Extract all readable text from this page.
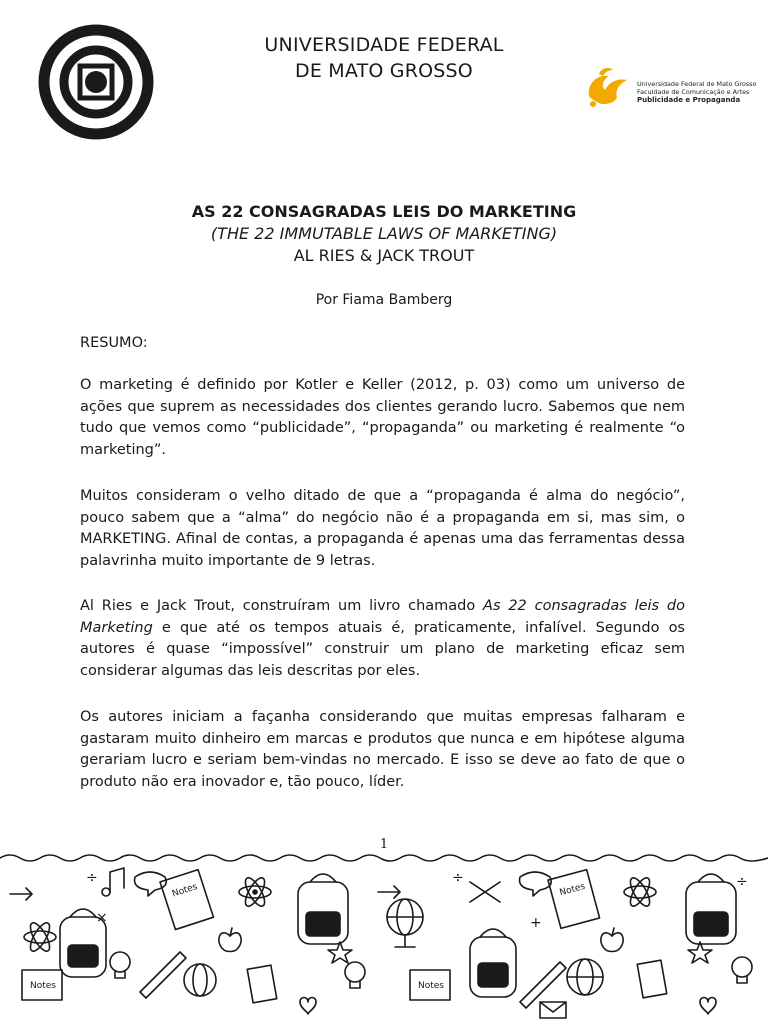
UNIVERSIDADE FEDERAL
DE MATO GROSSO
Universidade Federal de Mato Grosso
Faculdade de Comunicação e Artes
Publicidade e Propaganda
AS 22 CONSAGRADAS LEIS DO MARKETING
(THE 22 IMMUTABLE LAWS OF MARKETING)
AL RIES & JACK TROUT
Por Fiama Bamberg
RESUMO:

O marketing é definido por Kotler e Keller (2012, p. 03) como um universo de ações que suprem as necessidades dos clientes gerando lucro. Sabemos que nem tudo que vemos como “publicidade”, “propaganda” ou marketing é realmente “o marketing”.

Muitos consideram o velho ditado de que a “propaganda é alma do negócio”, pouco sabem que a “alma” do negócio não é a propaganda em si, mas sim, o MARKETING. Afinal de contas, a propaganda é apenas uma das ferramentas dessa palavrinha muito importante de 9 letras.

Al Ries e Jack Trout, construíram um livro chamado As 22 consagradas leis do Marketing e que até os tempos atuais é, praticamente, infalível. Segundo os autores é quase “impossível” construir um plano de marketing eficaz sem considerar algumas das leis descritas por eles.

Os autores iniciam a façanha considerando que muitas empresas falharam e gastaram muito dinheiro em marcas e produtos que nunca e em hipótese alguma gerariam lucro e seriam bem-vindas no mercado. E isso se deve ao fato de que o produto não era inovador e, tão pouco, líder.

1
Notes	Notes
Notes
Notes
÷
×
÷
+
÷
